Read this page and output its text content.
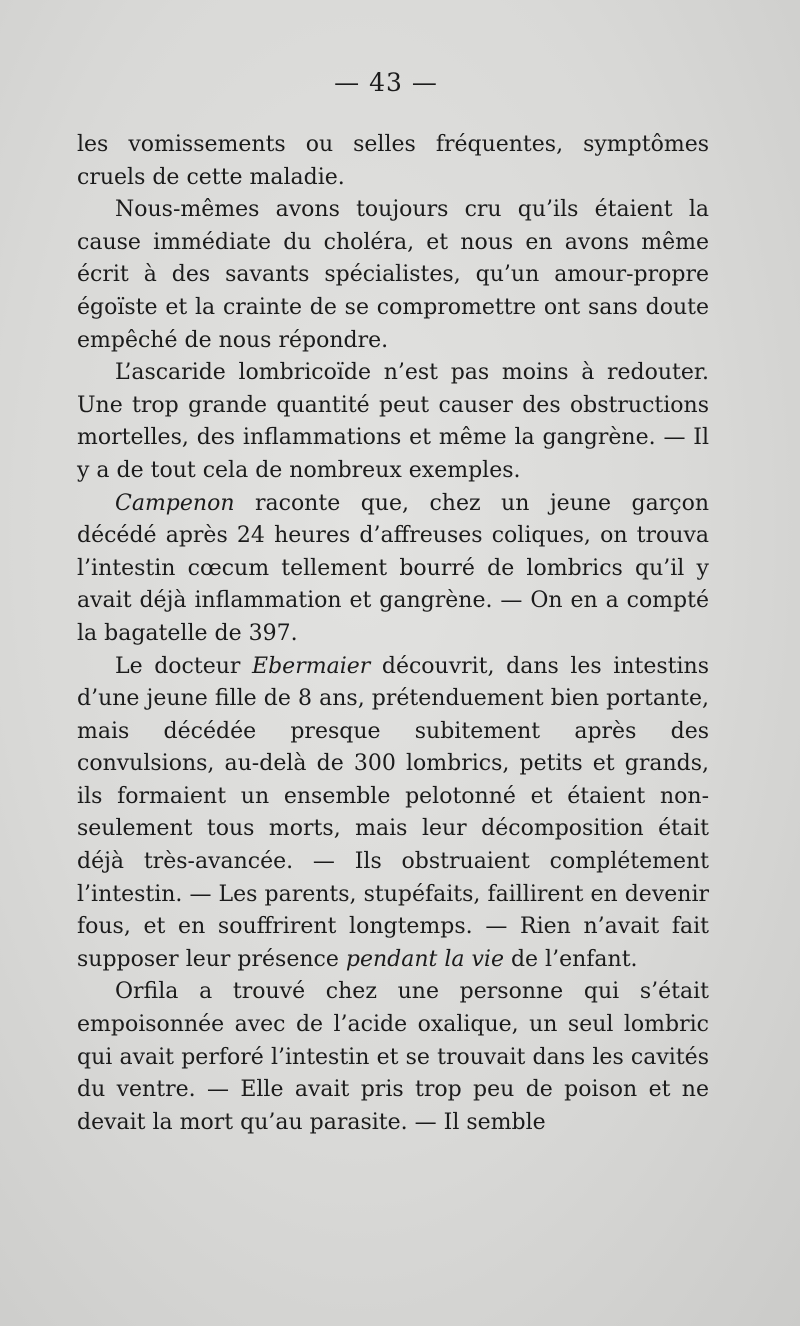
— 43 —

les vomissements ou selles fréquentes, symptômes cruels de cette maladie.

Nous-mêmes avons toujours cru qu’ils étaient la cause immédiate du choléra, et nous en avons même écrit à des savants spécialistes, qu’un amour-propre égoïste et la crainte de se compromettre ont sans doute empêché de nous répondre.

L’ascaride lombricoïde n’est pas moins à redouter. Une trop grande quantité peut causer des obstructions mortelles, des inflammations et même la gangrène. — Il y a de tout cela de nombreux exemples.

Campenon raconte que, chez un jeune garçon décédé après 24 heures d’affreuses coliques, on trouva l’intestin cœcum tellement bourré de lombrics qu’il y avait déjà inflammation et gangrène. — On en a compté la bagatelle de 397.

Le docteur Ebermaier découvrit, dans les intestins d’une jeune fille de 8 ans, prétenduement bien portante, mais décédée presque subitement après des convulsions, au-delà de 300 lombrics, petits et grands, ils formaient un ensemble pelotonné et étaient non-seulement tous morts, mais leur décomposition était déjà très-avancée. — Ils obstruaient complétement l’intestin. — Les parents, stupéfaits, faillirent en devenir fous, et en souffrirent longtemps. — Rien n’avait fait supposer leur présence pendant la vie de l’enfant.

Orfila a trouvé chez une personne qui s’était empoisonnée avec de l’acide oxalique, un seul lombric qui avait perforé l’intestin et se trouvait dans les cavités du ventre. — Elle avait pris trop peu de poison et ne devait la mort qu’au parasite. — Il semble
